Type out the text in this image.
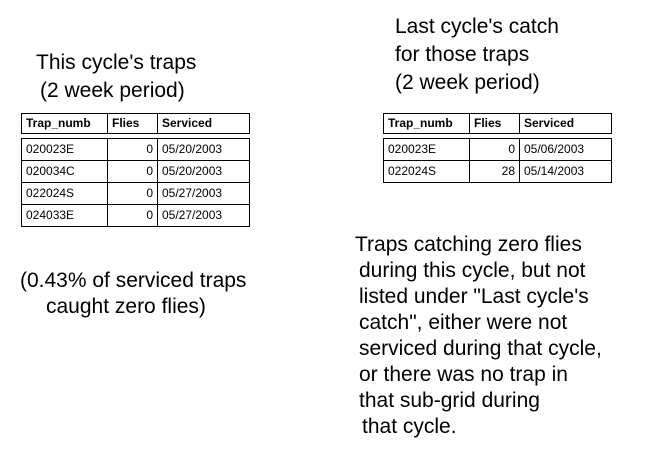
This cycle's traps
(2 week period)
Last cycle's catch
for those traps
(2 week period)
Trap_numb	Flies	Serviced
020023E	0 05/20/2003
020034C	0 05/20/2003
022024S	0 05/27/2003
024033E	0 05/27/2003
Trap_numb	Flies	Serviced
020023E	0 05/06/2003
022024S	28 05/14/2003
(0.43% of serviced traps
caught zero flies)
Traps catching zero flies
during this cycle, but not
listed under "Last cycle's
catch", either were not
serviced during that cycle,
or there was no trap in
that sub-grid during
that cycle.
